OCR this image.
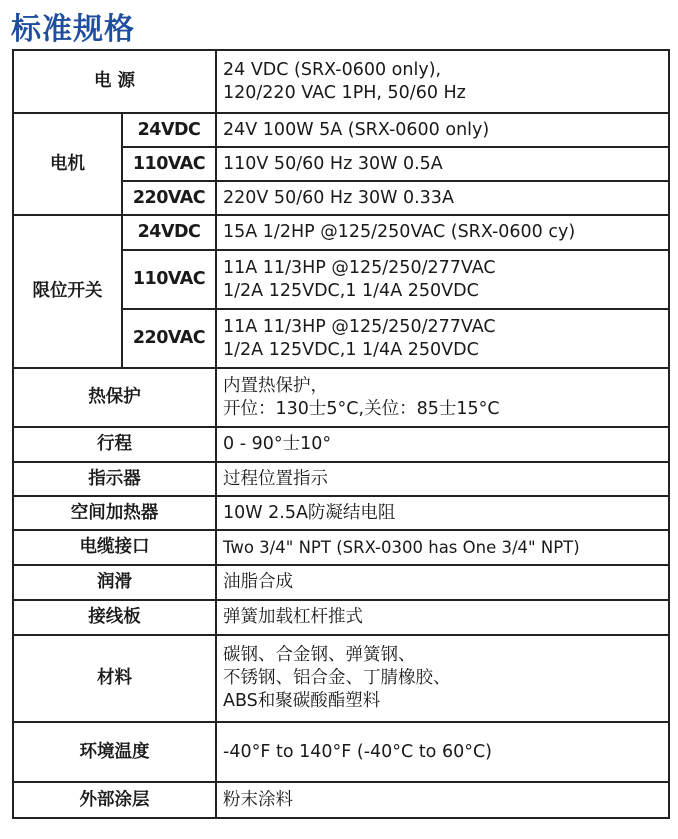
标准规格
电 源		24 VDC (SRX-0600 only),
120/220 VAC 1PH, 50/60 Hz

电机	24VDC	24V 100W 5A (SRX-0600 only)
	110VAC	110V 50/60 Hz 30W 0.5A
	220VAC	220V 50/60 Hz 30W 0.33A
限位开关	24VDC	15A 1/2HP @125/250VAC (SRX-0600 cy)

	110VAC	11A 11/3HP @125/250/277VAC
1/2A 125VDC,1 1/4A 250VDC

	220VAC	11A 11/3HP @125/250/277VAC
1/2A 125VDC,1 1/4A 250VDC

热保护		内置热保护，
开位：130士5°C,关位：85士15°C

行程		0 - 90°士10°
指示器		过程位置指示
空间加热器		10W 2.5A防凝结电阻
电缆接口		Two 3/4" NPT (SRX-0300 has One 3/4" NPT)
润滑		油脂合成
接线板		弹簧加载杠杆推式
材料		碳钢、合金钢、弹簧钢、
不锈钢、铝合金、丁腈橡胶、
ABS和聚碳酸酯塑料

环境温度		-40°F to 140°F (-40°C to 60°C)
外部涂层		粉末涂料
